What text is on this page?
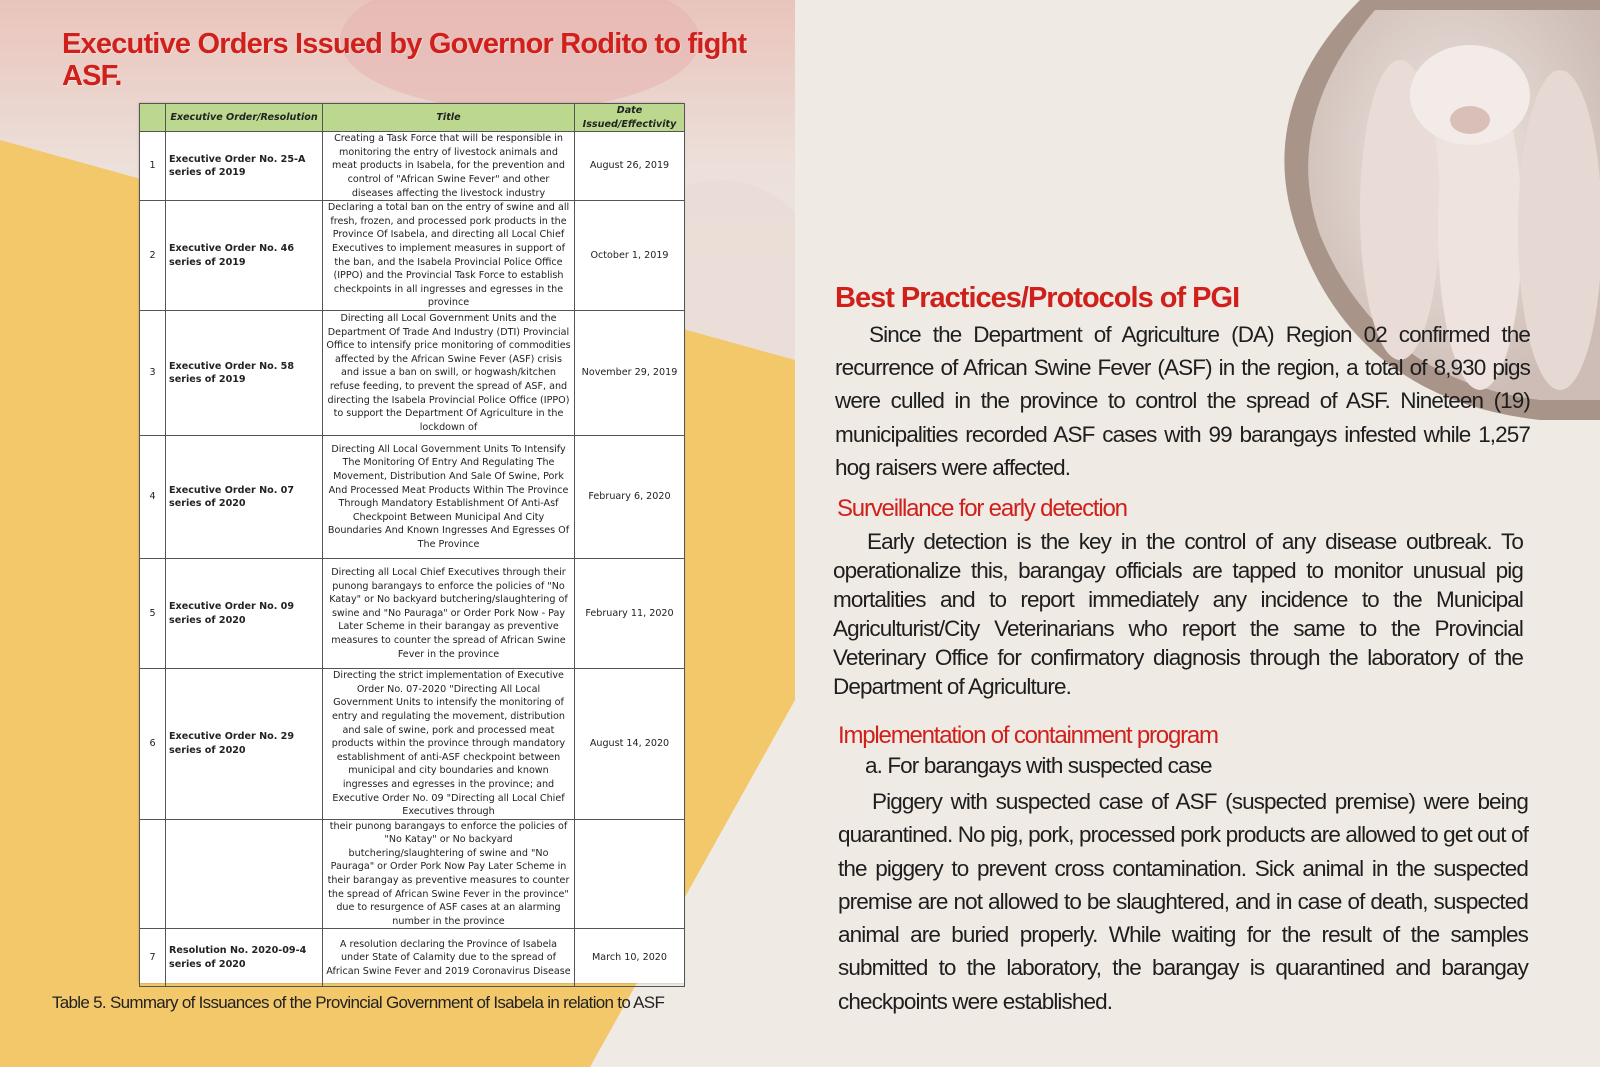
Executive Orders Issued by Governor Rodito to fight ASF.
	Executive Order/Resolution	Title	Date Issued/Effectivity
1	Executive Order No. 25-A series of 2019	Creating a Task Force that will be responsible in monitoring the entry of livestock animals and meat products in Isabela, for the prevention and control of "African Swine Fever" and other diseases affecting the livestock industry	August 26, 2019
2	Executive Order No. 46 series of 2019	Declaring a total ban on the entry of swine and all fresh, frozen, and processed pork products in the Province Of Isabela, and directing all Local Chief Executives to implement measures in support of the ban, and the Isabela Provincial Police Office (IPPO) and the Provincial Task Force to establish checkpoints in all ingresses and egresses in the province	October 1, 2019
3	Executive Order No. 58 series of 2019	Directing all Local Government Units and the Department Of Trade And Industry (DTI) Provincial Office to intensify price monitoring of commodities affected by the African Swine Fever (ASF) crisis and issue a ban on swill, or hogwash/kitchen refuse feeding, to prevent the spread of ASF, and directing the Isabela Provincial Police Office (IPPO) to support the Department Of Agriculture in the lockdown of	November 29, 2019
4	Executive Order No. 07 series of 2020	Directing All Local Government Units To Intensify The Monitoring Of Entry And Regulating The Movement, Distribution And Sale Of Swine, Pork And Processed Meat Products Within The Province Through Mandatory Establishment Of Anti-Asf Checkpoint Between Municipal And City Boundaries And Known Ingresses And Egresses Of The Province	February 6, 2020
5	Executive Order No. 09 series of 2020	Directing all Local Chief Executives through their punong barangays to enforce the policies of "No Katay" or No backyard butchering/slaughtering of swine and "No Pauraga" or Order Pork Now - Pay Later Scheme in their barangay as preventive measures to counter the spread of African Swine Fever in the province	February 11, 2020
6	Executive Order No. 29 series of 2020	Directing the strict implementation of Executive Order No. 07-2020 "Directing All Local Government Units to intensify the monitoring of entry and regulating the movement, distribution and sale of swine, pork and processed meat products within the province through mandatory establishment of anti-ASF checkpoint between municipal and city boundaries and known ingresses and egresses in the province; and Executive Order No. 09 "Directing all Local Chief Executives through	August 14, 2020
		their punong barangays to enforce the policies of "No Katay" or No backyard butchering/slaughtering of swine and "No Pauraga" or Order Pork Now Pay Later Scheme in their barangay as preventive measures to counter the spread of African Swine Fever in the province" due to resurgence of ASF cases at an alarming number in the province	
7	Resolution No. 2020-09-4 series of 2020	A resolution declaring the Province of Isabela under State of Calamity due to the spread of African Swine Fever and 2019 Coronavirus Disease	March 10, 2020
Table 5. Summary of Issuances of the Provincial Government of Isabela in relation to ASF
Best Practices/Protocols of PGI
Since the Department of Agriculture (DA) Region 02 confirmed the recurrence of African Swine Fever (ASF) in the region, a total of 8,930 pigs were culled in the province to control the spread of ASF. Nineteen (19) municipalities recorded ASF cases with 99 barangays infested while 1,257 hog raisers were affected.
Surveillance for early detection
Early detection is the key in the control of any disease outbreak. To operationalize this, barangay officials are tapped to monitor unusual pig mortalities and to report immediately any incidence to the Municipal Agriculturist/City Veterinarians who report the same to the Provincial Veterinary Office for confirmatory diagnosis through the laboratory of the Department of Agriculture.
Implementation of containment program
a. For barangays with suspected case
Piggery with suspected case of ASF (suspected premise) were being quarantined. No pig, pork, processed pork products are allowed to get out of the piggery to prevent cross contamination. Sick animal in the suspected premise are not allowed to be slaughtered, and in case of death, suspected animal are buried properly. While waiting for the result of the samples submitted to the laboratory, the barangay is quarantined and barangay checkpoints were established.
